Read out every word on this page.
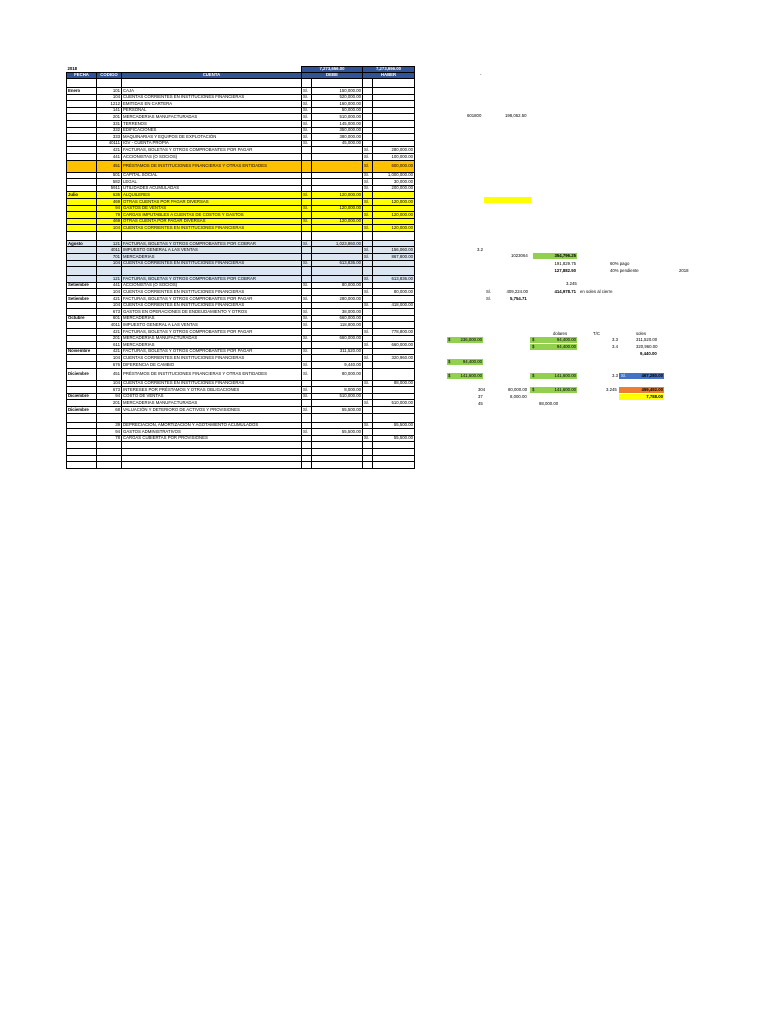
2018			7,273,656.00		7,273,656.00	
FECHA	CODIGO	CUENTA	DEBE		HABER	

Enero	101	CAJA	S/.	150,000.00		
	104	CUENTAS CORRIENTES EN INSTITUCIONES FINANCIERAS	S/.	520,000.00		
	1212	EMITIDAS EN CARTERA	S/.	160,000.00		
	141	PERSONAL	S/.	50,000.00		
	201	MERCADERIAS MANUFACTURADAS	S/.	510,000.00		
	331	TERRENOS	S/.	145,000.00		
	332	EDIFICACIONES	S/.	350,000.00		
	333	MAQUINARIAS Y EQUIPOS DE EXPLOTACIÓN	S/.	380,000.00		
	40111	IGV - CUENTA PROPIA	S/.	45,000.00		
	421	FACTURAS, BOLETAS Y OTROS COMPROBANTES POR PAGAR			S/.	280,000.00
	441	ACCIONISTAS (O SOCIOS)			S/.	100,000.00
	451	PRÉSTAMOS DE INSTITUCIONES FINANCIERAS Y OTRAS ENTIDADES			S/.	600,000.00
	501	CAPITAL SOCIAL			S/.	1,000,000.00
	582	LEGAL			S/.	30,000.00
	5911	UTILIDADES ACUMULADAS			S/.	200,000.00
Julio	635	ALQUILERES	S/.	120,000.00		
	469	OTRAS CUENTAS POR PAGAR DIVERSAS			S/.	120,000.00
	94	GASTOS DE VENTAS	S/.	120,000.00		
	79	CARGAS IMPUTABLES A CUENTAS DE COSTOS Y GASTOS			S/.	120,000.00
	469	OTRAS CUENTA POR PAGAR DIVERSAS	S/.	120,000.00		
	104	CUENTAS CORRIENTES EN INSTITUCIONES FINANCIERAS			S/.	120,000.00

Agosto	121	FACTURAS, BOLETAS Y OTROS COMPROBANTES POR COBRAR	S/.	1,023,860.00		
	4011	IMPUESTO GENERAL A LAS VENTAS			S/.	156,060.00
	701	MERCADERIAS			S/.	867,800.00
	104	CUENTAS CORRIENTES EN INSTITUCIONES FINANCIERAS	S/.	613,836.00		

	121	FACTURAS, BOLETAS Y OTROS COMPROBANTES POR COBRAR			S/.	613,836.00
Setiembre	441	ACCIONISTAS (O SOCIOS)	S/.	80,000.00		
	104	CUENTAS CORRIENTES EN INSTITUCIONES FINANCIERAS			S/.	80,000.00
Setiembre	421	FACTURAS, BOLETAS Y OTROS COMPROBANTES POR PAGAR	S/.	280,000.00		
	104	CUENTAS CORRIENTES EN INSTITUCIONES FINANCIERAS			S/.	418,000.00
	673	GASTOS EN OPERACIONES DE ENDEUDAMIENTO Y OTROS	S/.	38,000.00		
Octubre	601	MERCADERIAS	S/.	660,000.00		
	4011	IMPUESTO GENERAL A LAS VENTAS	S/.	118,800.00		
	421	FACTURAS, BOLETAS Y OTROS COMPROBANTES POR PAGAR			S/.	778,800.00
	201	MERCADERIAS MANUFACTURADAS	S/.	660,000.00		
	611	MERCADERIAS			S/.	660,000.00
Noviembre	421	FACTURAS, BOLETAS Y OTROS COMPROBANTES POR PAGAR	S/.	311,520.00		
	104	CUENTAS CORRIENTES EN INSTITUCIONES FINANCIERAS			S/.	320,960.00
	676	DIFERENCIA DE CAMBIO	S/.	9,440.00		
Diciembre	451	PRÉSTAMOS DE INSTITUCIONES FINANCIERAS Y OTRAS ENTIDADES	S/.	80,000.00		
	104	CUENTAS CORRIENTES EN INSTITUCIONES FINANCIERAS			S/.	88,000.00
	673	INTERESES POR PRÉSTAMOS Y OTRAS OBLIGACIONES	S/.	8,000.00		
Diciembre	94	COSTO DE VENTAS	S/.	510,000.00		
	201	MERCADERIAS MANUFACTURADAS			S/.	510,000.00
Diciembre	68	VALUACIÓN Y DETERIORO DE ACTIVOS Y PROVISIONES	S/.	55,500.00		

	39	DEPRECIACIÓN, AMORTIZACIÓN Y AGOTAMIENTO ACUMULADOS			S/.	55,500.00
	94	GASTOS ADMINISTRATIVOS	S/.	55,500.00		
	78	CARGAS CUBIERTAS POR PROVISIONES			S/.	55,500.00

-
601800	198,062.50
3.2
1023064	354,796.25
191,829.75	60% pago
127,882.50	40% pendiente	2018
3.245
S/.	409,224.00	414,978.71 en soles al cierre
S/.	5,754.71
dolares	T/C	soles
$	236,000.00	$	94,400.00	3.3	311,520.00
$	94,400.00	3.4	320,960.00
9,440.00
$	94,400.00
$	141,600.00	$	141,600.00	3.3 S/.	467,280.00
304	80,000.00 $	141,600.00	3.245	459,492.00
37	8,000.00	7,788.00
45	88,000.00
